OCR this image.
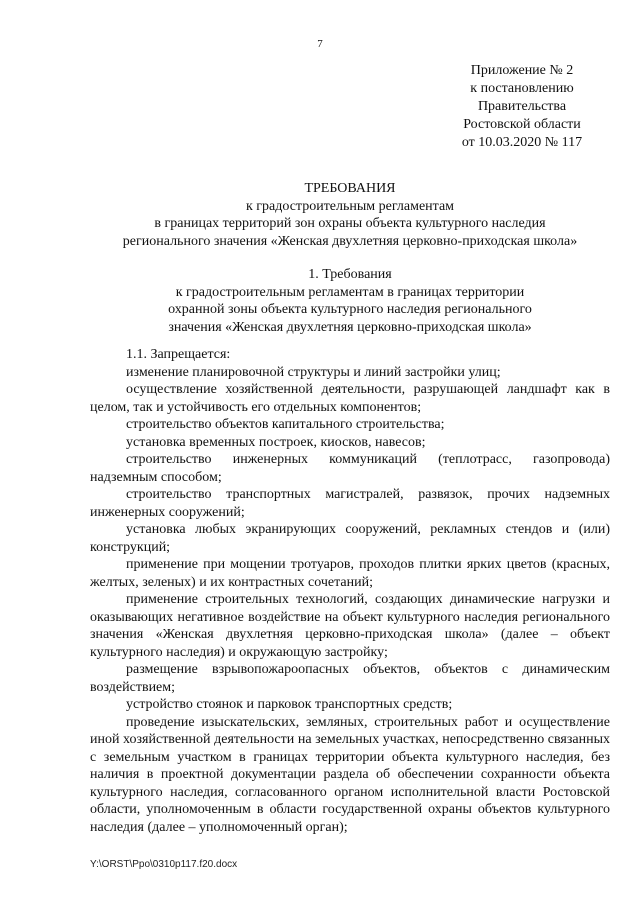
7
Приложение № 2
к постановлению
Правительства
Ростовской области
от 10.03.2020 № 117
ТРЕБОВАНИЯ
к градостроительным регламентам
в границах территорий зон охраны объекта культурного наследия
регионального значения «Женская двухлетняя церковно-приходская школа»
1. Требования
к градостроительным регламентам в границах территории
охранной зоны объекта культурного наследия регионального
значения «Женская двухлетняя церковно-приходская школа»

1.1. Запрещается:

изменение планировочной структуры и линий застройки улиц;

осуществление хозяйственной деятельности, разрушающей ландшафт как в целом, так и устойчивость его отдельных компонентов;

строительство объектов капитального строительства;

установка временных построек, киосков, навесов;

строительство инженерных коммуникаций (теплотрасс, газопровода) надземным способом;

строительство транспортных магистралей, развязок, прочих надземных инженерных сооружений;

установка любых экранирующих сооружений, рекламных стендов и (или) конструкций;

применение при мощении тротуаров, проходов плитки ярких цветов (красных, желтых, зеленых) и их контрастных сочетаний;

применение строительных технологий, создающих динамические нагрузки и оказывающих негативное воздействие на объект культурного наследия регионального значения «Женская двухлетняя церковно-приходская школа» (далее – объект культурного наследия) и окружающую застройку;

размещение взрывопожароопасных объектов, объектов с динамическим воздействием;

устройство стоянок и парковок транспортных средств;

проведение изыскательских, земляных, строительных работ и осуществление иной хозяйственной деятельности на земельных участках, непосредственно связанных с земельным участком в границах территории объекта культурного наследия, без наличия в проектной документации раздела об обеспечении сохранности объекта культурного наследия, согласованного органом исполнительной власти Ростовской области, уполномоченным в области государственной охраны объектов культурного наследия (далее – уполномоченный орган);

Y:\ORST\Ppo\0310p117.f20.docx
